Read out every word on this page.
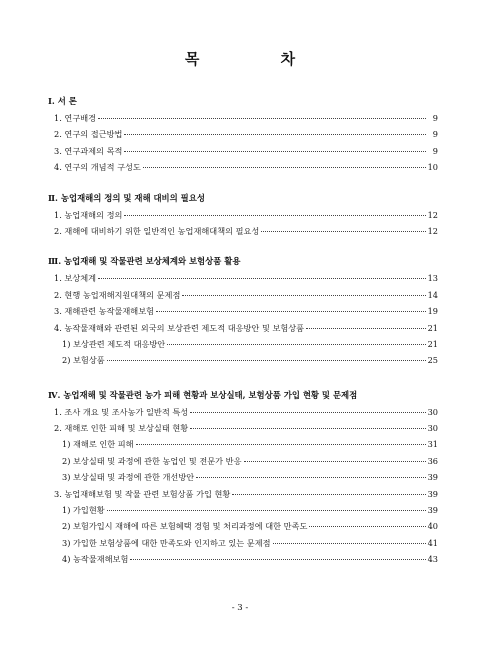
목 차
Ⅰ. 서 론
1. 연구배경	9
2. 연구의 접근방법	9
3. 연구과제의 목적	9
4. 연구의 개념적 구성도	10
Ⅱ. 농업재해의 정의 및 재해 대비의 필요성
1. 농업재해의 정의	12
2. 재해에 대비하기 위한 일반적인 농업재해대책의 필요성	12
Ⅲ. 농업재해 및 작물관련 보상체계와 보험상품 활용
1. 보상체계	13
2. 현행 농업재해지원대책의 문제점	14
3. 재해관련 농작물재해보험	19
4. 농작물재해와 관련된 외국의 보상관련 제도적 대응방안 및 보험상품	21
1) 보상관련 제도적 대응방안	21
2) 보험상품	25
Ⅳ. 농업재해 및 작물관련 농가 피해 현황과 보상실태, 보험상품 가입 현황 및 문제점
1. 조사 개요 및 조사농가 일반적 특성	30
2. 재해로 인한 피해 및 보상실태 현황	30
1) 재해로 인한 피해	31
2) 보상실태 및 과정에 관한 농업인 및 전문가 반응	36
3) 보상실태 및 과정에 관한 개선방안	39
3. 농업재해보험 및 작물 관련 보험상품 가입 현황	39
1) 가입현황	39
2) 보험가입시 재해에 따른 보험혜택 경험 및 처리과정에 대한 만족도	40
3) 가입한 보험상품에 대한 만족도와 인지하고 있는 문제점	41
4) 농작물재해보험	43
- 3 -
